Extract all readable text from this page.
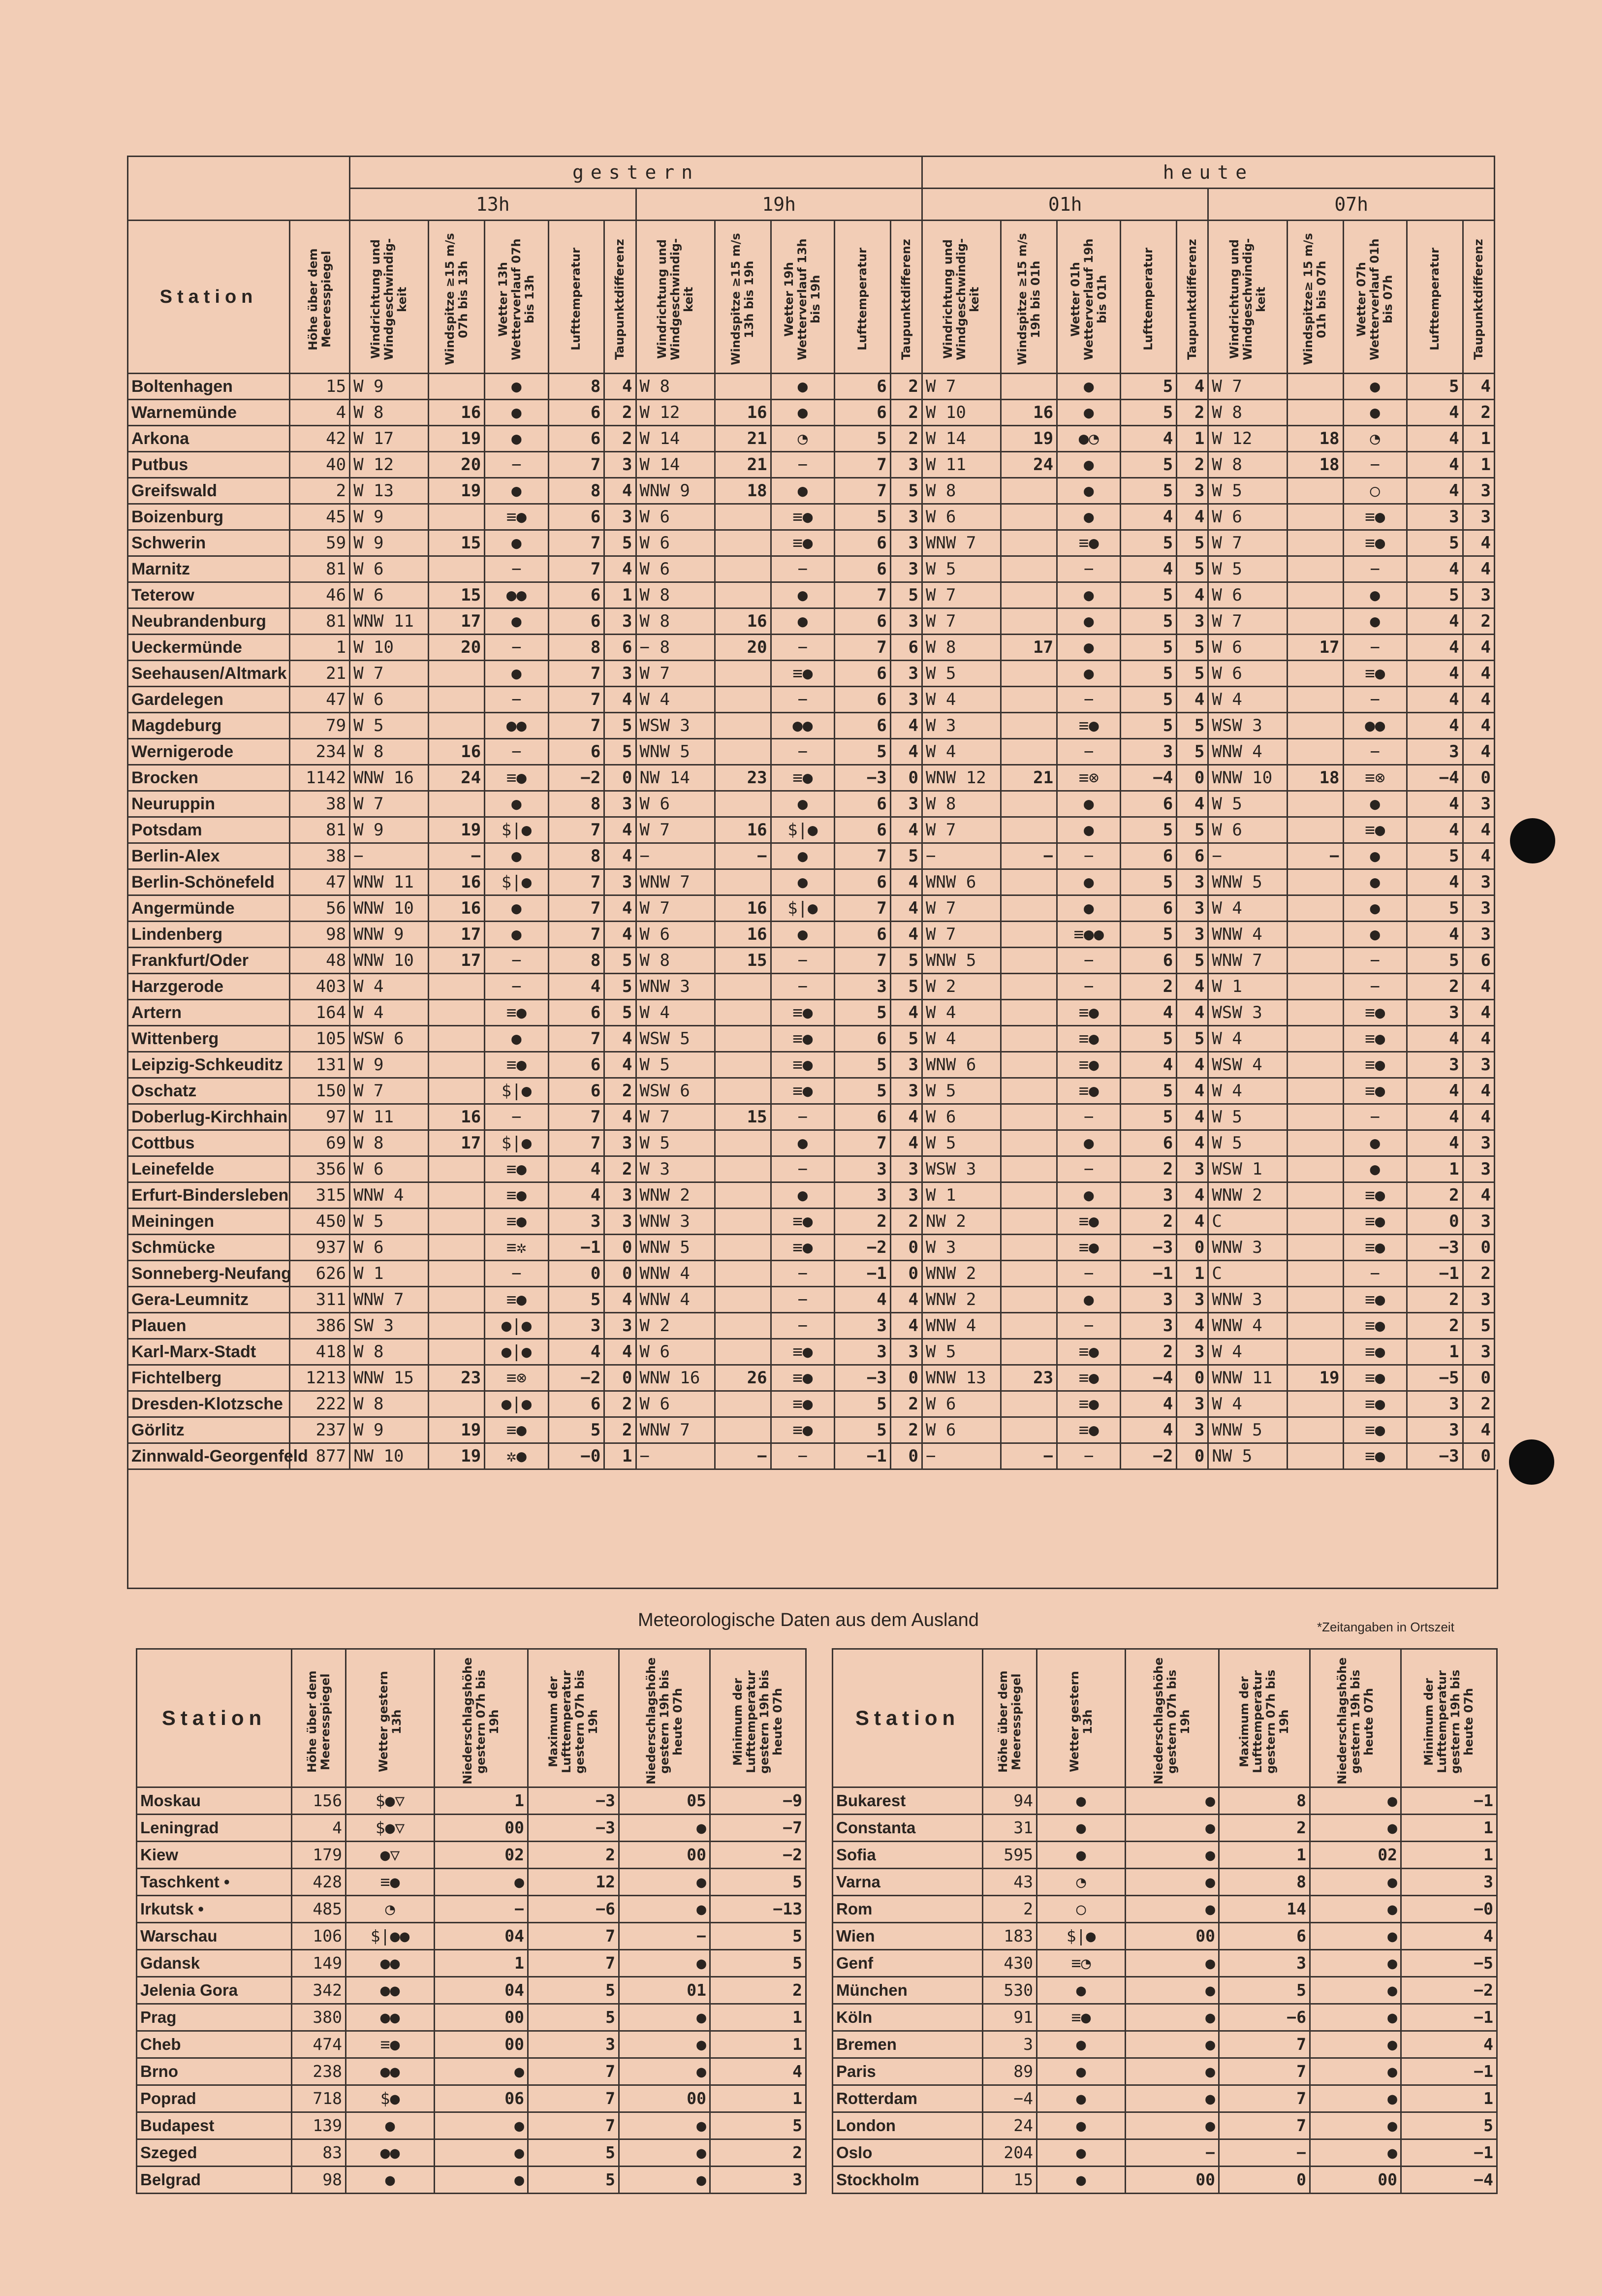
		gestern										heute									
		13h					19h					01h					07h				
Station	Höhe über dem Meeresspiegel	Windrichtung und Windgeschwindig-keit	Windspitze ≥15 m/s 07h bis 13h	Wetter 13h Wetterverlauf 07h bis 13h	Lufttemperatur	Taupunktdifferenz	Windrichtung und Windgeschwindig-keit	Windspitze ≥15 m/s 13h bis 19h	Wetter 19h Wetterverlauf 13h bis 19h	Lufttemperatur	Taupunktdifferenz	Windrichtung und Windgeschwindig-keit	Windspitze ≥15 m/s 19h bis 01h	Wetter 01h Wetterverlauf 19h bis 01h	Lufttemperatur	Taupunktdifferenz	Windrichtung und Windgeschwindig-keit	Windspitze≥ 15 m/s 01h bis 07h	Wetter 07h Wetterverlauf 01h bis 07h	Lufttemperatur	Taupunktdifferenz

Boltenhagen	15	W 9		●	8	4	W 8		●	6	2	W 7		●	5	4	W 7		●	5	4
Warnemünde	4	W 8	16	●	6	2	W 12	16	●	6	2	W 10	16	●	5	2	W 8		●	4	2
Arkona	42	W 17	19	●	6	2	W 14	21	◔	5	2	W 14	19	●◔	4	1	W 12	18	◔	4	1
Putbus	40	W 12	20	−	7	3	W 14	21	−	7	3	W 11	24	●	5	2	W 8	18	−	4	1
Greifswald	2	W 13	19	●	8	4	WNW 9	18	●	7	5	W 8		●	5	3	W 5		○	4	3
Boizenburg	45	W 9		≡●	6	3	W 6		≡●	5	3	W 6		●	4	4	W 6		≡●	3	3
Schwerin	59	W 9	15	●	7	5	W 6		≡●	6	3	WNW 7		≡●	5	5	W 7		≡●	5	4
Marnitz	81	W 6		−	7	4	W 6		−	6	3	W 5		−	4	5	W 5		−	4	4
Teterow	46	W 6	15	●●	6	1	W 8		●	7	5	W 7		●	5	4	W 6		●	5	3
Neubrandenburg	81	WNW 11	17	●	6	3	W 8	16	●	6	3	W 7		●	5	3	W 7		●	4	2
Ueckermünde	1	W 10	20	−	8	6	− 8	20	−	7	6	W 8	17	●	5	5	W 6	17	−	4	4
Seehausen/Altmark	21	W 7		●	7	3	W 7		≡●	6	3	W 5		●	5	5	W 6		≡●	4	4
Gardelegen	47	W 6		−	7	4	W 4		−	6	3	W 4		−	5	4	W 4		−	4	4
Magdeburg	79	W 5		●●	7	5	WSW 3		●●	6	4	W 3		≡●	5	5	WSW 3		●●	4	4
Wernigerode	234	W 8	16	−	6	5	WNW 5		−	5	4	W 4		−	3	5	WNW 4		−	3	4
Brocken	1142	WNW 16	24	≡●	−2	0	NW 14	23	≡●	−3	0	WNW 12	21	≡⊗	−4	0	WNW 10	18	≡⊗	−4	0
Neuruppin	38	W 7		●	8	3	W 6		●	6	3	W 8		●	6	4	W 5		●	4	3
Potsdam	81	W 9	19	$|●	7	4	W 7	16	$|●	6	4	W 7		●	5	5	W 6		≡●	4	4
Berlin-Alex	38	−	−	●	8	4	−	−	●	7	5	−	−	−	6	6	−	−	●	5	4
Berlin-Schönefeld	47	WNW 11	16	$|●	7	3	WNW 7		●	6	4	WNW 6		●	5	3	WNW 5		●	4	3
Angermünde	56	WNW 10	16	●	7	4	W 7	16	$|●	7	4	W 7		●	6	3	W 4		●	5	3
Lindenberg	98	WNW 9	17	●	7	4	W 6	16	●	6	4	W 7		≡●●	5	3	WNW 4		●	4	3
Frankfurt/Oder	48	WNW 10	17	−	8	5	W 8	15	−	7	5	WNW 5		−	6	5	WNW 7		−	5	6
Harzgerode	403	W 4		−	4	5	WNW 3		−	3	5	W 2		−	2	4	W 1		−	2	4
Artern	164	W 4		≡●	6	5	W 4		≡●	5	4	W 4		≡●	4	4	WSW 3		≡●	3	4
Wittenberg	105	WSW 6		●	7	4	WSW 5		≡●	6	5	W 4		≡●	5	5	W 4		≡●	4	4
Leipzig-Schkeuditz	131	W 9		≡●	6	4	W 5		≡●	5	3	WNW 6		≡●	4	4	WSW 4		≡●	3	3
Oschatz	150	W 7		$|●	6	2	WSW 6		≡●	5	3	W 5		≡●	5	4	W 4		≡●	4	4
Doberlug-Kirchhain	97	W 11	16	−	7	4	W 7	15	−	6	4	W 6		−	5	4	W 5		−	4	4
Cottbus	69	W 8	17	$|●	7	3	W 5		●	7	4	W 5		●	6	4	W 5		●	4	3
Leinefelde	356	W 6		≡●	4	2	W 3		−	3	3	WSW 3		−	2	3	WSW 1		●	1	3
Erfurt-Bindersleben	315	WNW 4		≡●	4	3	WNW 2		●	3	3	W 1		●	3	4	WNW 2		≡●	2	4
Meiningen	450	W 5		≡●	3	3	WNW 3		≡●	2	2	NW 2		≡●	2	4	C		≡●	0	3
Schmücke	937	W 6		≡✲	−1	0	WNW 5		≡●	−2	0	W 3		≡●	−3	0	WNW 3		≡●	−3	0
Sonneberg-Neufang	626	W 1		−	0	0	WNW 4		−	−1	0	WNW 2		−	−1	1	C		−	−1	2
Gera-Leumnitz	311	WNW 7		≡●	5	4	WNW 4		−	4	4	WNW 2		●	3	3	WNW 3		≡●	2	3
Plauen	386	SW 3		●|●	3	3	W 2		−	3	4	WNW 4		−	3	4	WNW 4		≡●	2	5
Karl-Marx-Stadt	418	W 8		●|●	4	4	W 6		≡●	3	3	W 5		≡●	2	3	W 4		≡●	1	3
Fichtelberg	1213	WNW 15	23	≡⊗	−2	0	WNW 16	26	≡●	−3	0	WNW 13	23	≡●	−4	0	WNW 11	19	≡●	−5	0
Dresden-Klotzsche	222	W 8		●|●	6	2	W 6		≡●	5	2	W 6		≡●	4	3	W 4		≡●	3	2
Görlitz	237	W 9	19	≡●	5	2	WNW 7		≡●	5	2	W 6		≡●	4	3	WNW 5		≡●	3	4
Zinnwald-Georgenfeld	877	NW 10	19	✲●	−0	1	−	−	−	−1	0	−	−	−	−2	0	NW 5		≡●	−3	0
Meteorologische Daten aus dem Ausland	*Zeitangaben in Ortszeit
Station	Höhe über dem Meeresspiegel	Wetter gestern 13h	Niederschlagshöhe gestern 07h bis 19h	Maximum der Lufttemperatur gestern 07h bis 19h	Niederschlagshöhe gestern 19h bis heute 07h	Minimum der Lufttemperatur gestern 19h bis heute 07h

Moskau	156	$●▽	1	−3	05	−9
Leningrad	4	$●▽	00	−3	●	−7
Kiew	179	●▽	02	2	00	−2
Taschkent •	428	≡●	●	12	●	5
Irkutsk •	485	◔	−	−6	●	−13
Warschau	106	$|●●	04	7	−	5
Gdansk	149	●●	1	7	●	5
Jelenia Gora	342	●●	04	5	01	2
Prag	380	●●	00	5	●	1
Cheb	474	≡●	00	3	●	1
Brno	238	●●	●	7	●	4
Poprad	718	$●	06	7	00	1
Budapest	139	●	●	7	●	5
Szeged	83	●●	●	5	●	2
Belgrad	98	●	●	5	●	3
Station	Höhe über dem Meeresspiegel	Wetter gestern 13h	Niederschlagshöhe gestern 07h bis 19h	Maximum der Lufttemperatur gestern 07h bis 19h	Niederschlagshöhe gestern 19h bis heute 07h	Minimum der Lufttemperatur gestern 19h bis heute 07h

Bukarest	94	●	●	8	●	−1
Constanta	31	●	●	2	●	1
Sofia	595	●	●	1	02	1
Varna	43	◔	●	8	●	3
Rom	2	○	●	14	●	−0
Wien	183	$|●	00	6	●	4
Genf	430	≡◔	●	3	●	−5
München	530	●	●	5	●	−2
Köln	91	≡●	●	−6	●	−1
Bremen	3	●	●	7	●	4
Paris	89	●	●	7	●	−1
Rotterdam	−4	●	●	7	●	1
London	24	●	●	7	●	5
Oslo	204	●	−	−	●	−1
Stockholm	15	●	00	0	00	−4
